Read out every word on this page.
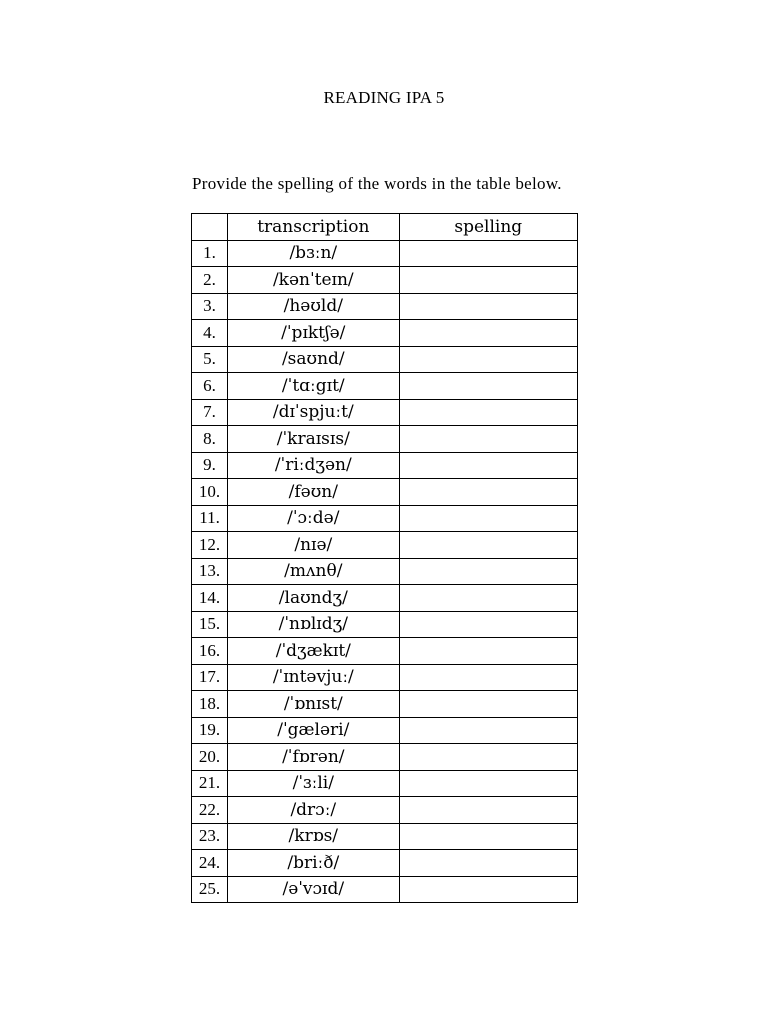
READING IPA 5
Provide the spelling of the words in the table below.
	transcription	spelling
1.	/bɜːn/	
2.	/kənˈteɪn/	
3.	/həʊld/	
4.	/ˈpɪktʃə/	
5.	/saʊnd/	
6.	/ˈtɑːgɪt/	
7.	/dɪˈspjuːt/	
8.	/ˈkraɪsɪs/	
9.	/ˈriːdʒən/	
10.	/fəʊn/	
11.	/ˈɔːdə/	
12.	/nɪə/	
13.	/mʌnθ/	
14.	/laʊndʒ/	
15.	/ˈnɒlɪdʒ/	
16.	/ˈdʒækɪt/	
17.	/ˈɪntəvjuː/	
18.	/ˈɒnɪst/	
19.	/ˈgæləri/	
20.	/ˈfɒrən/	
21.	/ˈɜːli/	
22.	/drɔː/	
23.	/krɒs/	
24.	/briːð/	
25.	/əˈvɔɪd/	
